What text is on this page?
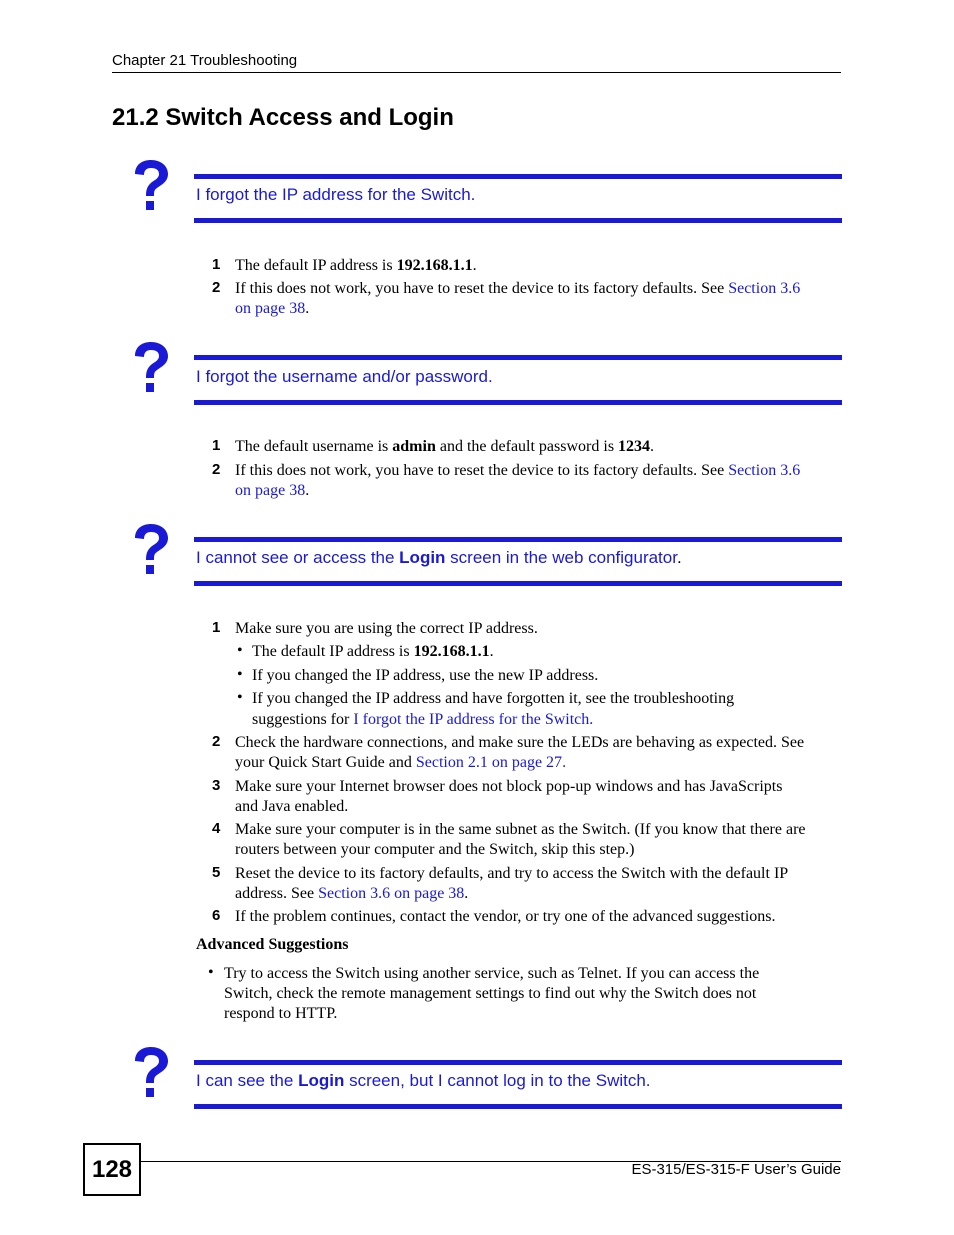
Chapter 21 Troubleshooting
21.2 Switch Access and Login
I forgot the IP address for the Switch.
1 The default IP address is 192.168.1.1.
2 If this does not work, you have to reset the device to its factory defaults. See Section 3.6
on page 38.
I forgot the username and/or password.
1 The default username is admin and the default password is 1234.
2 If this does not work, you have to reset the device to its factory defaults. See Section 3.6
on page 38.
I cannot see or access the Login screen in the web configurator.
1 Make sure you are using the correct IP address.
• The default IP address is 192.168.1.1.
• If you changed the IP address, use the new IP address.
• If you changed the IP address and have forgotten it, see the troubleshooting
suggestions for I forgot the IP address for the Switch.
2 Check the hardware connections, and make sure the LEDs are behaving as expected. See
your Quick Start Guide and Section 2.1 on page 27.
3 Make sure your Internet browser does not block pop-up windows and has JavaScripts
and Java enabled.
4 Make sure your computer is in the same subnet as the Switch. (If you know that there are
routers between your computer and the Switch, skip this step.)
5 Reset the device to its factory defaults, and try to access the Switch with the default IP
address. See Section 3.6 on page 38.
6 If the problem continues, contact the vendor, or try one of the advanced suggestions.
Advanced Suggestions
• Try to access the Switch using another service, such as Telnet. If you can access the
Switch, check the remote management settings to find out why the Switch does not
respond to HTTP.
I can see the Login screen, but I cannot log in to the Switch.
128	ES-315/ES-315-F User’s Guide
